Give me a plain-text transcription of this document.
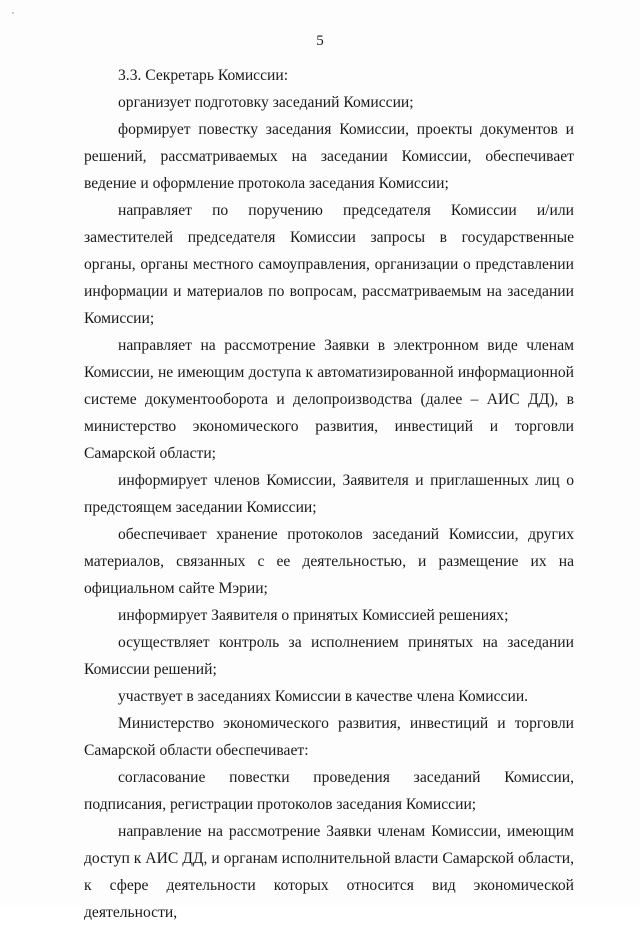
5

3.3. Секретарь Комиссии:

организует подготовку заседаний Комиссии;

формирует повестку заседания Комиссии, проекты документов и решений, рассматриваемых на заседании Комиссии, обеспечивает ведение и оформление протокола заседания Комиссии;

направляет по поручению председателя Комиссии и/или заместителей председателя Комиссии запросы в государственные органы, органы местного самоуправления, организации о представлении информации и материалов по вопросам, рассматриваемым на заседании Комиссии;

направляет на рассмотрение Заявки в электронном виде членам Комиссии, не имеющим доступа к автоматизированной информационной системе документооборота и делопроизводства (далее – АИС ДД), в министерство экономического развития, инвестиций и торговли Самарской области;

информирует членов Комиссии, Заявителя и приглашенных лиц о предстоящем заседании Комиссии;

обеспечивает хранение протоколов заседаний Комиссии, других материалов, связанных с ее деятельностью, и размещение их на официальном сайте Мэрии;

информирует Заявителя о принятых Комиссией решениях;

осуществляет контроль за исполнением принятых на заседании Комиссии решений;

участвует в заседаниях Комиссии в качестве члена Комиссии.

Министерство экономического развития, инвестиций и торговли Самарской области обеспечивает:

согласование повестки проведения заседаний Комиссии, подписания, регистрации протоколов заседания Комиссии;

направление на рассмотрение Заявки членам Комиссии, имеющим доступ к АИС ДД, и органам исполнительной власти Самарской области, к сфере деятельности которых относится вид экономической деятельности,
